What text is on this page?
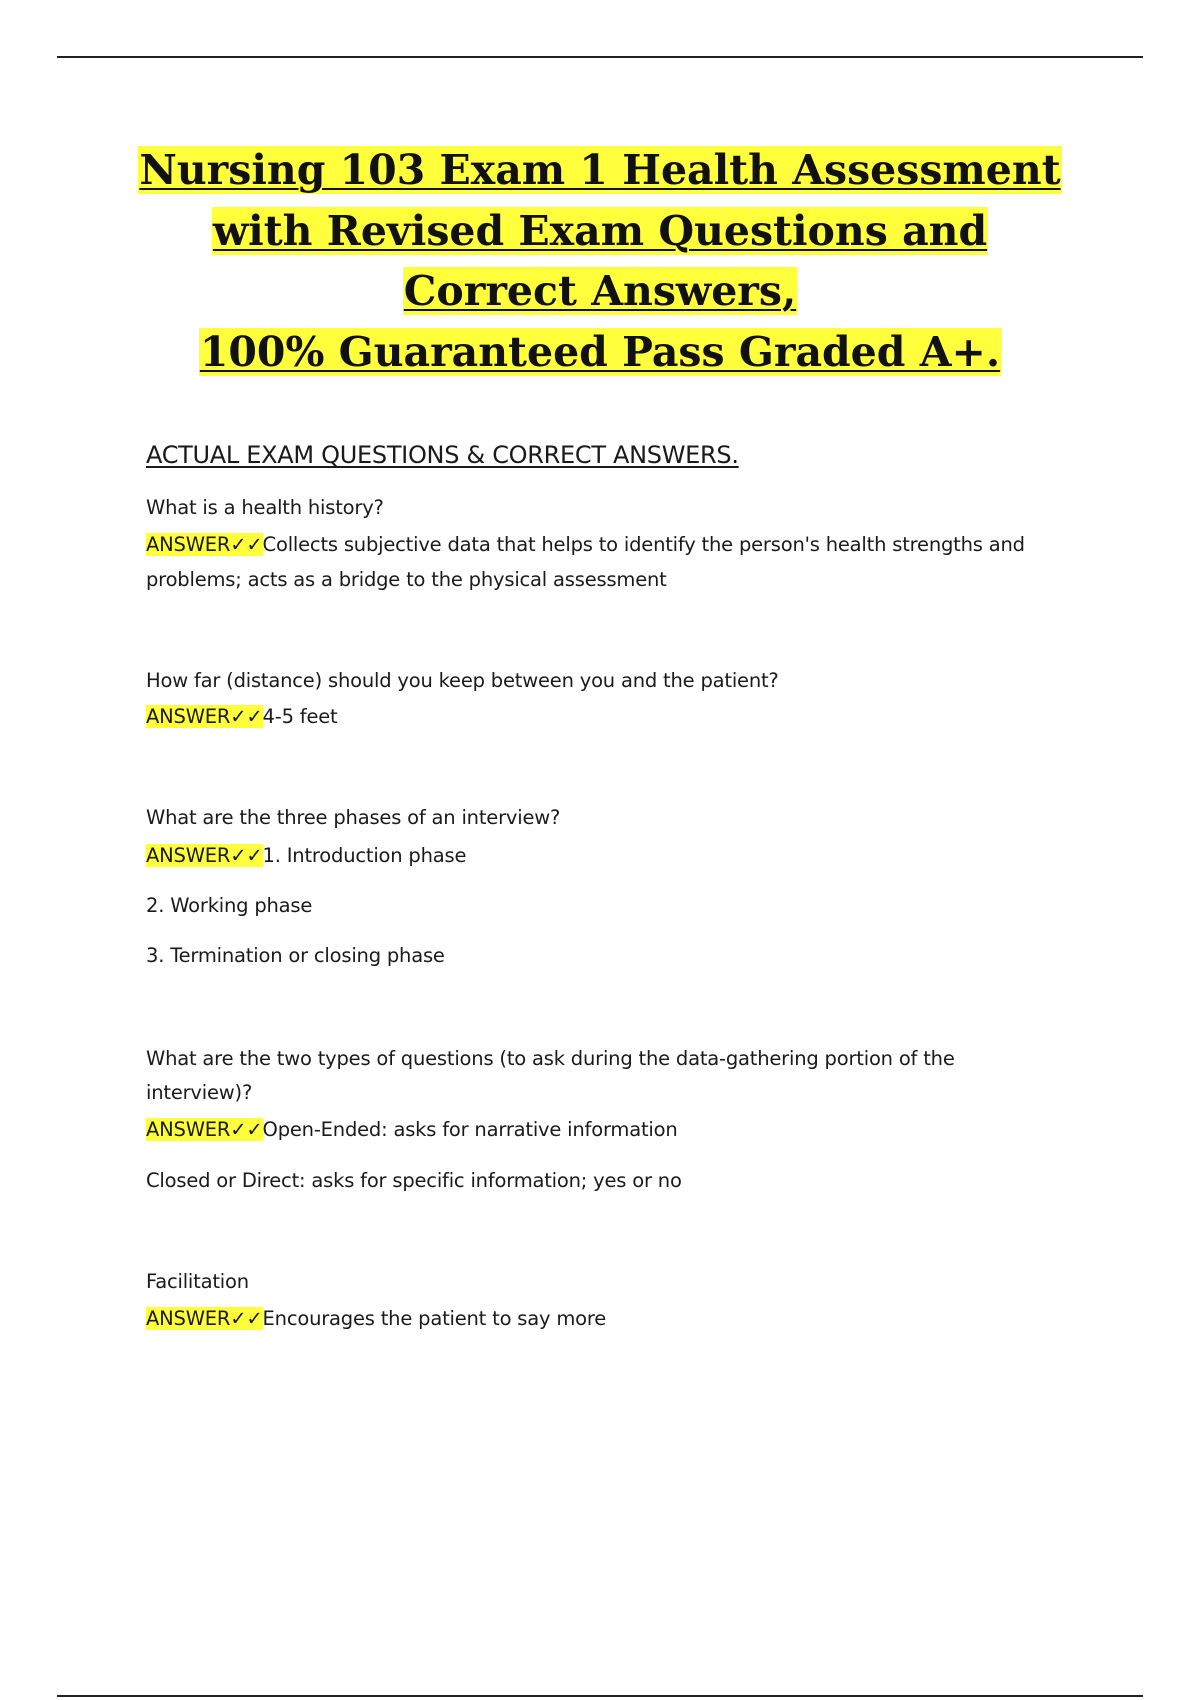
Nursing 103 Exam 1 Health Assessment
with Revised Exam Questions and
Correct Answers,
100% Guaranteed Pass Graded A+.
ACTUAL EXAM QUESTIONS & CORRECT ANSWERS.
What is a health history?
ANSWER✓✓Collects subjective data that helps to identify the person's health strengths and
problems; acts as a bridge to the physical assessment
How far (distance) should you keep between you and the patient?
ANSWER✓✓4-5 feet
What are the three phases of an interview?
ANSWER✓✓1. Introduction phase
2. Working phase
3. Termination or closing phase
What are the two types of questions (to ask during the data-gathering portion of the
interview)?
ANSWER✓✓Open-Ended: asks for narrative information
Closed or Direct: asks for specific information; yes or no
Facilitation
ANSWER✓✓Encourages the patient to say more
